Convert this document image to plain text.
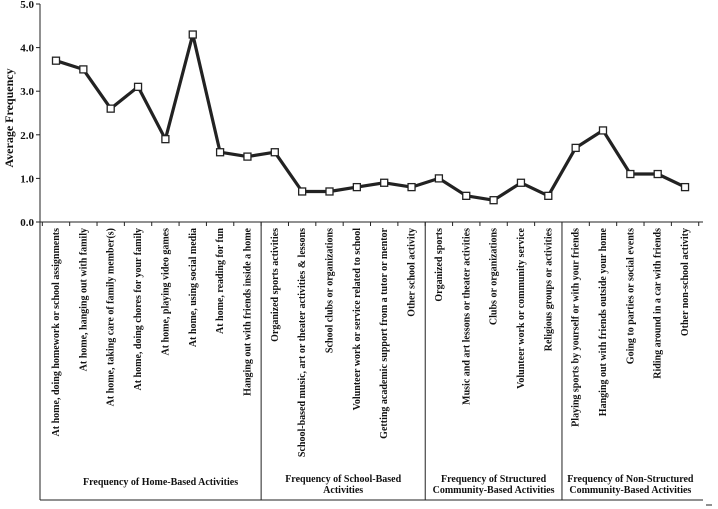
0.0
1.0
2.0
3.0
4.0
5.0
Average Frequency
At home, doing homework or school assignments At home, hanging out with family At home, taking care of family member(s) At home, doing chores for your family At home, playing video games At home, using social media At home, reading for fun Hanging out with friends inside a home Organized sports activities School-based music, art or theater activities & lessons School clubs or organizations Volunteer work or service related to school Getting academic support from a tutor or mentor Other school activity Organized sports Music and art lessons or theater activities Clubs or organizations Volunteer work or community service Religious groups or activities Playing sports by yourself or with your friends Hanging out with friends outside your home Going to parties or social events Riding around in a car with friends Other non-school activity
Frequency of Home-Based Activities	Frequency of School-Based
Activities
Frequency of Structured
Community-Based Activities
Frequency of Non-Structured
Community-Based Activities
